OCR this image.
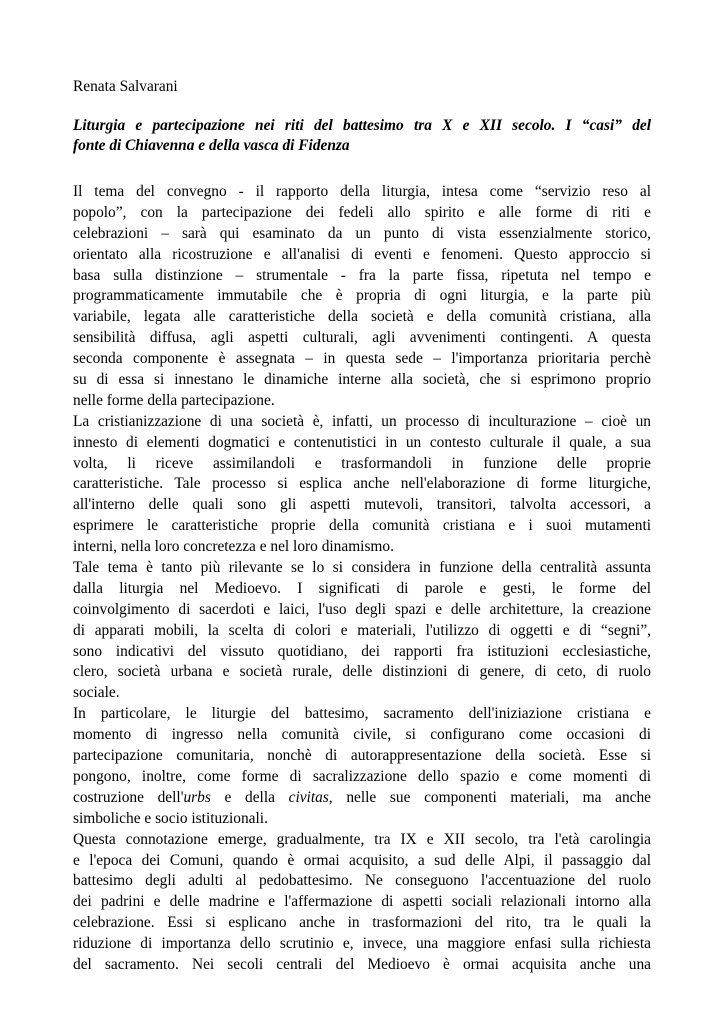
Renata Salvarani
Liturgia e partecipazione nei riti del battesimo tra X e XII secolo. I “casi” del
fonte di Chiavenna e della vasca di Fidenza
Il tema del convegno - il rapporto della liturgia, intesa come “servizio reso al
popolo”, con la partecipazione dei fedeli allo spirito e alle forme di riti e
celebrazioni – sarà qui esaminato da un punto di vista essenzialmente storico,
orientato alla ricostruzione e all'analisi di eventi e fenomeni. Questo approccio si
basa sulla distinzione – strumentale - fra la parte fissa, ripetuta nel tempo e
programmaticamente immutabile che è propria di ogni liturgia, e la parte più
variabile, legata alle caratteristiche della società e della comunità cristiana, alla
sensibilità diffusa, agli aspetti culturali, agli avvenimenti contingenti. A questa
seconda componente è assegnata – in questa sede – l'importanza prioritaria perchè
su di essa si innestano le dinamiche interne alla società, che si esprimono proprio
nelle forme della partecipazione.
La cristianizzazione di una società è, infatti, un processo di inculturazione – cioè un
innesto di elementi dogmatici e contenutistici in un contesto culturale il quale, a sua
volta, li riceve assimilandoli e trasformandoli in funzione delle proprie
caratteristiche. Tale processo si esplica anche nell'elaborazione di forme liturgiche,
all'interno delle quali sono gli aspetti mutevoli, transitori, talvolta accessori, a
esprimere le caratteristiche proprie della comunità cristiana e i suoi mutamenti
interni, nella loro concretezza e nel loro dinamismo.
Tale tema è tanto più rilevante se lo si considera in funzione della centralità assunta
dalla liturgia nel Medioevo. I significati di parole e gesti, le forme del
coinvolgimento di sacerdoti e laici, l'uso degli spazi e delle architetture, la creazione
di apparati mobili, la scelta di colori e materiali, l'utilizzo di oggetti e di “segni”,
sono indicativi del vissuto quotidiano, dei rapporti fra istituzioni ecclesiastiche,
clero, società urbana e società rurale, delle distinzioni di genere, di ceto, di ruolo
sociale.
In particolare, le liturgie del battesimo, sacramento dell'iniziazione cristiana e
momento di ingresso nella comunità civile, si configurano come occasioni di
partecipazione comunitaria, nonchè di autorappresentazione della società. Esse si
pongono, inoltre, come forme di sacralizzazione dello spazio e come momenti di
costruzione dell'urbs e della civitas, nelle sue componenti materiali, ma anche
simboliche e socio istituzionali.
Questa connotazione emerge, gradualmente, tra IX e XII secolo, tra l'età carolingia
e l'epoca dei Comuni, quando è ormai acquisito, a sud delle Alpi, il passaggio dal
battesimo degli adulti al pedobattesimo. Ne conseguono l'accentuazione del ruolo
dei padrini e delle madrine e l'affermazione di aspetti sociali relazionali intorno alla
celebrazione. Essi si esplicano anche in trasformazioni del rito, tra le quali la
riduzione di importanza dello scrutinio e, invece, una maggiore enfasi sulla richiesta
del sacramento. Nei secoli centrali del Medioevo è ormai acquisita anche una
